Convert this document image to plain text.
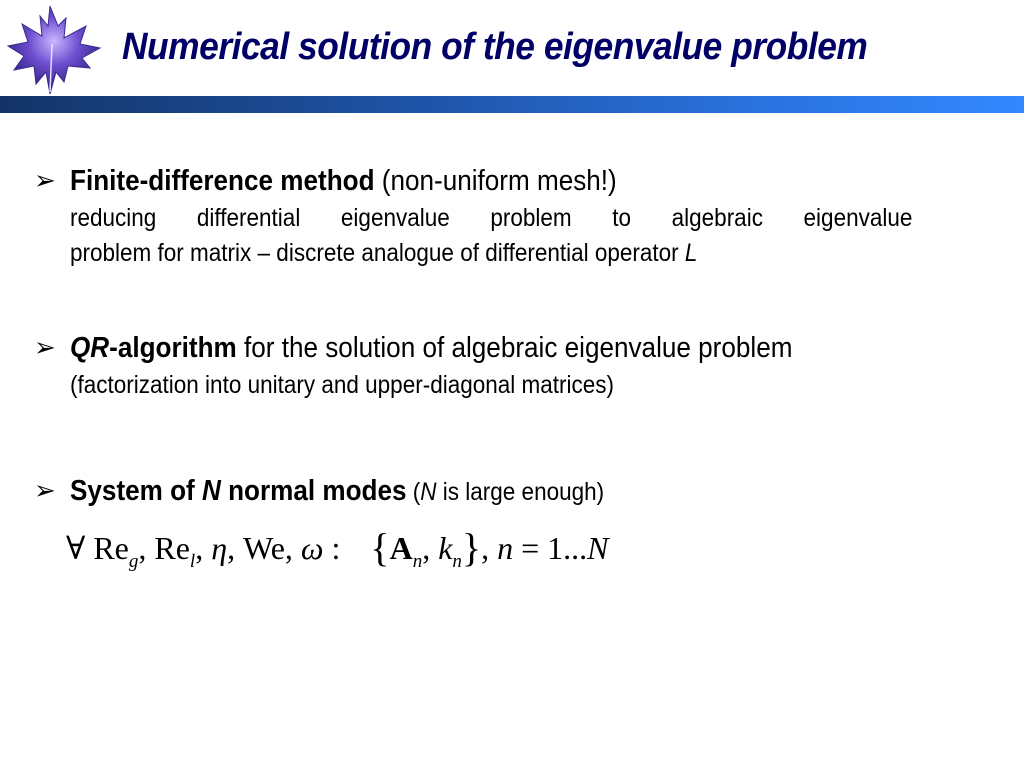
Numerical solution of the eigenvalue problem
➢ Finite-difference method (non-uniform mesh!)
reducing differential eigenvalue problem to algebraic eigenvalue
problem for matrix – discrete analogue of differential operator L
➢ QR-algorithm for the solution of algebraic eigenvalue problem
(factorization into unitary and upper-diagonal matrices)
➢ System of N normal modes (N is large enough)
∀ $Re_g$, $Re_l$, η, We, ω : {$A_n$, $k_n$}, n = 1...N
